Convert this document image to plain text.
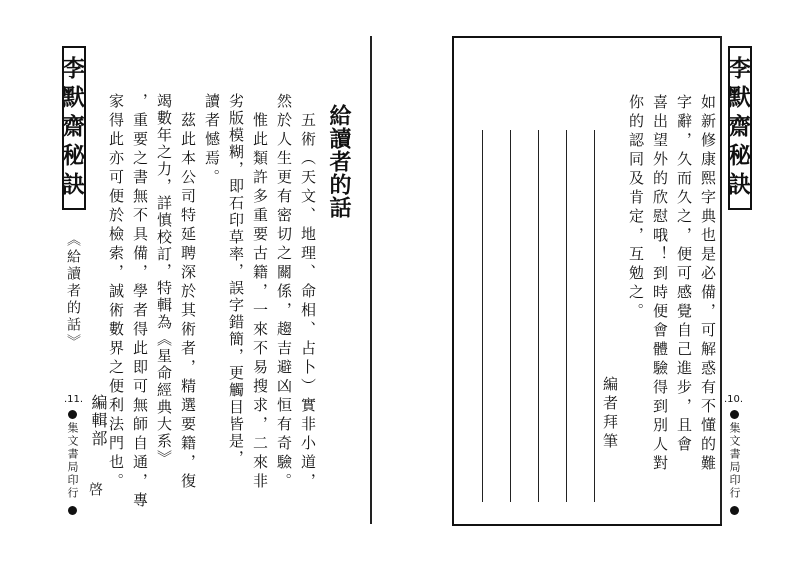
李默齋秘訣
《給讀者的話》
.11.
集文書局印行
給讀者的話
五術（天文、地理、命相、占卜）實非小道，
然於人生更有密切之關係，趨吉避凶恒有奇驗。
惟此類許多重要古籍，一來不易搜求，二來非
劣版模糊，即石印草率，誤字錯簡，更觸目皆是，
讀者憾焉。
茲此本公司特延聘深於其術者，精選要籍，復
竭數年之力，詳慎校訂，特輯為《星命經典大系》
，重要之書無不具備，學者得此即可無師自通，專
家得此亦可便於檢索，誠術數界之便利法門也。
編輯部
啓
如新修康熙字典也是必備，可解惑有不懂的難
字辭，久而久之，便可感覺自己進步，且會
喜出望外的欣慰哦！到時便會體驗得到別人對
你的認同及肯定，互勉之。
編者拜筆
李默齋秘訣
.10.
集文書局印行
